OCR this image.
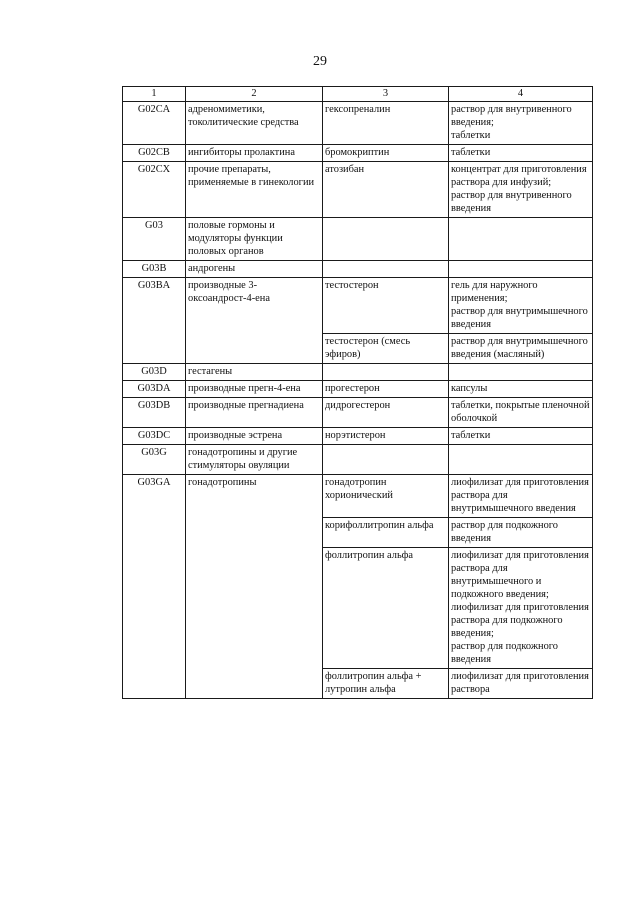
29
1	2	3	4
G02CA	адреномиметики, токолитические средства	гексопреналин	раствор для внутривенного введения;
таблетки

G02CB	ингибиторы пролактина	бромокриптин	таблетки

G02CX	прочие препараты, применяемые в гинекологии	атозибан	концентрат для приготовления раствора для инфузий;
раствор для внутривенного введения

G03	половые гормоны и модуляторы функции половых органов		

G03B	андрогены		

G03BA	производные 3-оксоандрост-4-ена	тестостерон	гель для наружного применения;
раствор для внутримышечного введения

		тестостерон (смесь эфиров)	раствор для внутримышечного введения (масляный)

G03D	гестагены		

G03DA	производные прегн-4-ена	прогестерон	капсулы

G03DB	производные прегнадиена	дидрогестерон	таблетки, покрытые пленочной оболочкой

G03DC	производные эстрена	норэтистерон	таблетки

G03G	гонадотропины и другие стимуляторы овуляции		

G03GA	гонадотропины	гонадотропин хорионический	лиофилизат для приготовления раствора для внутримышечного введения

		корифоллитропин альфа	раствор для подкожного введения

		фоллитропин альфа	лиофилизат для приготовления раствора для внутримышечного и подкожного введения;
лиофилизат для приготовления раствора для подкожного введения;
раствор для подкожного введения

		фоллитропин альфа + лутропин альфа	лиофилизат для приготовления раствора
